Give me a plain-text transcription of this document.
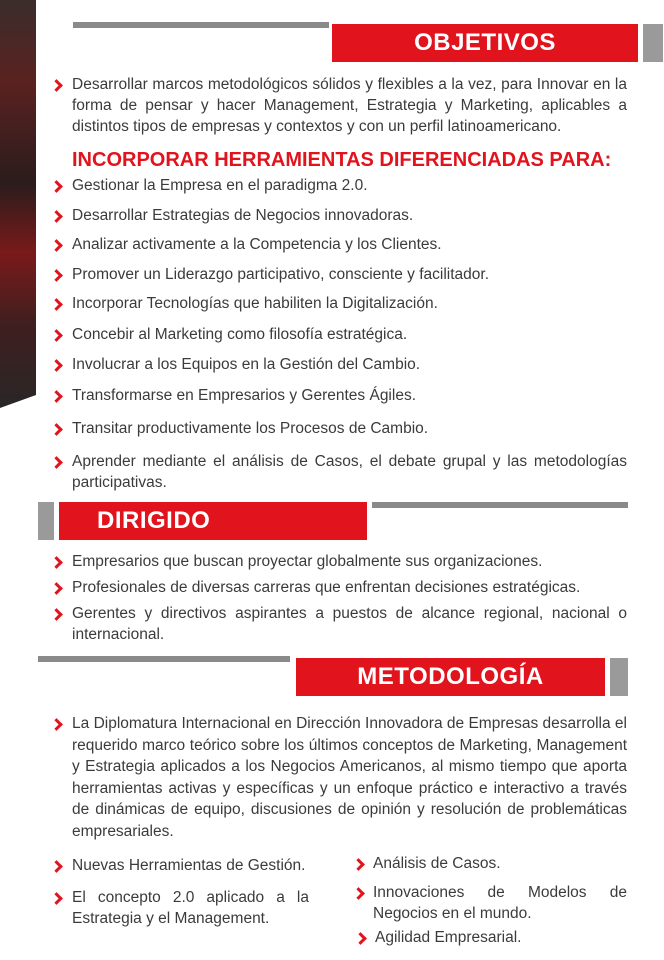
OBJETIVOS
Desarrollar marcos metodológicos sólidos y flexibles a la vez, para Innovar en la forma de pensar y hacer Management, Estrategia y Marketing, aplicables a distintos tipos de empresas y contextos y con un perfil latinoamericano.
INCORPORAR HERRAMIENTAS DIFERENCIADAS PARA:
Gestionar la Empresa en el paradigma 2.0.
Desarrollar Estrategias de Negocios innovadoras.
Analizar activamente a la Competencia y los Clientes.
Promover un Liderazgo participativo, consciente y facilitador.
Incorporar Tecnologías que habiliten la Digitalización.
Concebir al Marketing como filosofía estratégica.
Involucrar a los Equipos en la Gestión del Cambio.
Transformarse en Empresarios y Gerentes Ágiles.
Transitar productivamente los Procesos de Cambio.
Aprender mediante el análisis de Casos, el debate grupal y las metodologías participativas.
DIRIGIDO
Empresarios que buscan proyectar globalmente sus organizaciones.
Profesionales de diversas carreras que enfrentan decisiones estratégicas.
Gerentes y directivos aspirantes a puestos de alcance regional, nacional o internacional.
METODOLOGÍA
La Diplomatura Internacional en Dirección Innovadora de Empresas desarrolla el requerido marco teórico sobre los últimos conceptos de Marketing, Management y Estrategia aplicados a los Negocios Americanos, al mismo tiempo que aporta herramientas activas y específicas y un enfoque práctico e interactivo a través de dinámicas de equipo, discusiones de opinión y resolución de problemáticas empresariales.
Nuevas Herramientas de Gestión.
El concepto 2.0 aplicado a la Estrategia y el Management.
Análisis de Casos.
Innovaciones de Modelos de Negocios en el mundo.
Agilidad Empresarial.
